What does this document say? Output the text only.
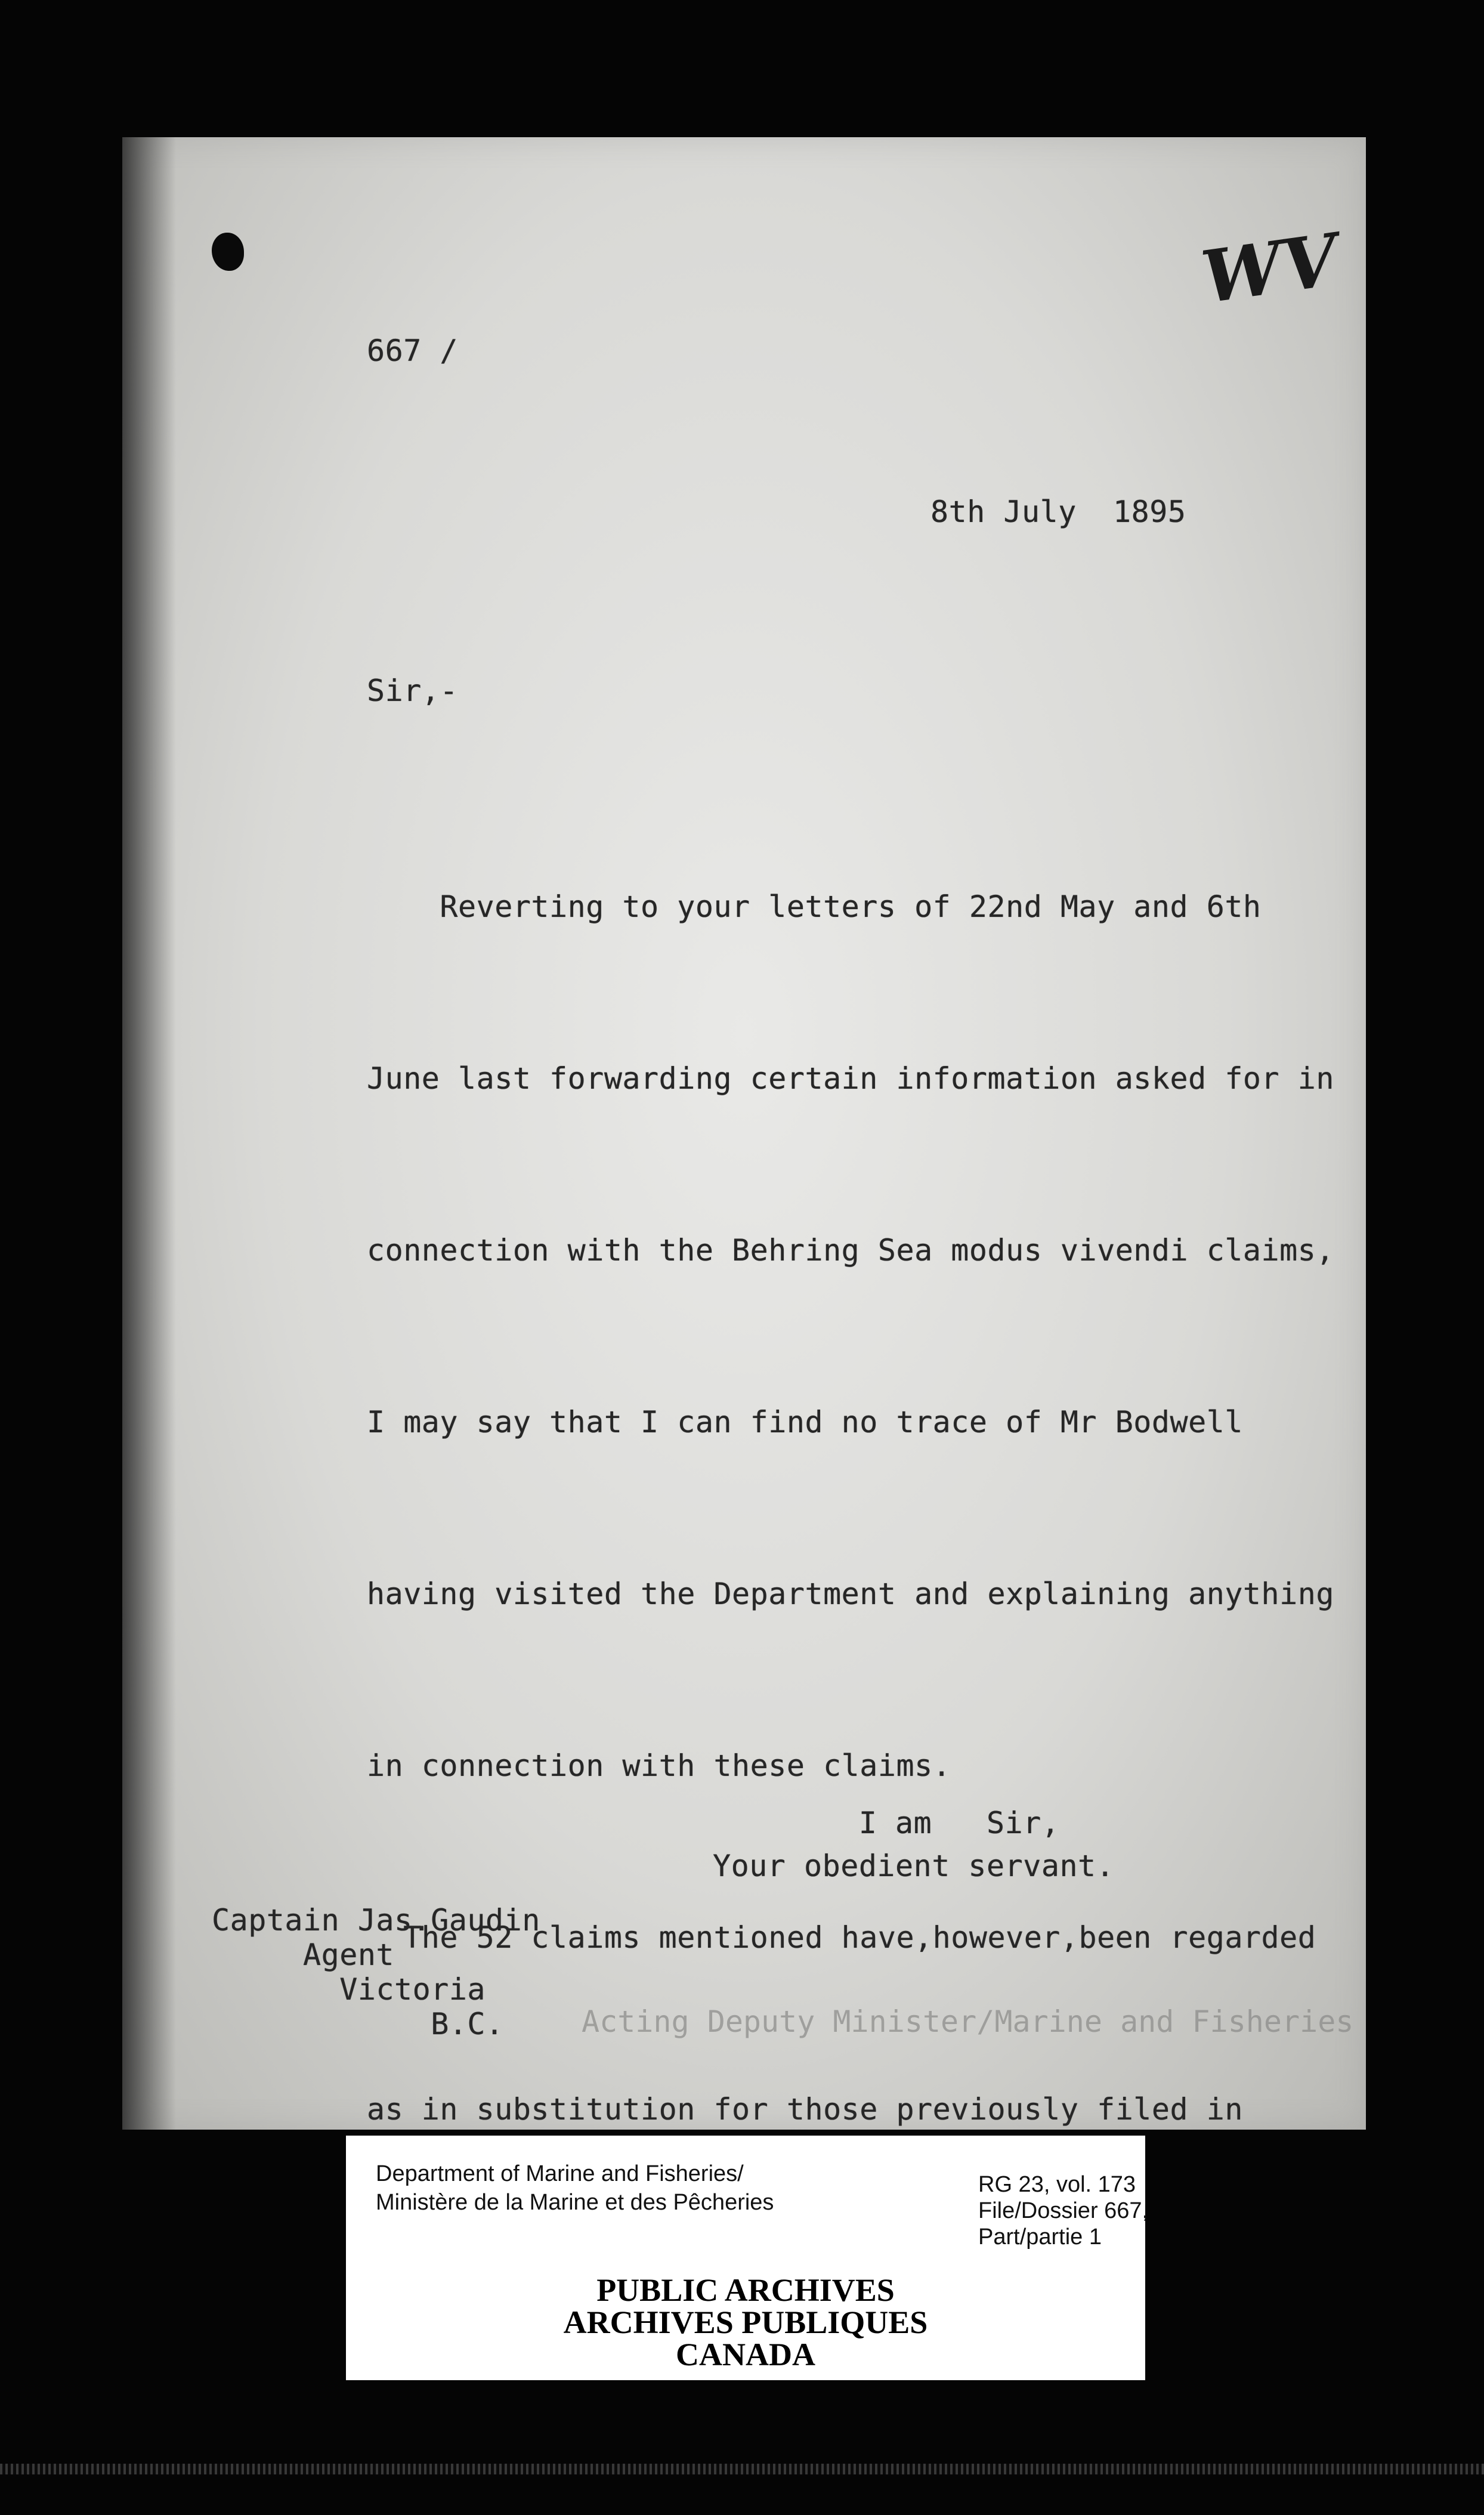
WV
667 /
8th July  1895
Sir,-

Reverting to your letters of 22nd May and 6th

June last forwarding certain information asked for in

connection with the Behring Sea modus vivendi claims,

I may say that I can find no trace of Mr Bodwell

having visited the Department and explaining anything

in connection with these claims.

The 52 claims mentioned have,however,been regarded

as in substitution for those previously filed in

I am   Sir,
Your obedient servant.
Captain Jas.Gaudin
Agent
Victoria
B.C.	Acting Deputy Minister/Marine and Fisheries
Department of Marine and Fisheries/
Ministère de la Marine et des Pêcheries
RG 23, vol. 173
File/Dossier 667,
Part/partie 1
PUBLIC ARCHIVES
ARCHIVES PUBLIQUES
CANADA
